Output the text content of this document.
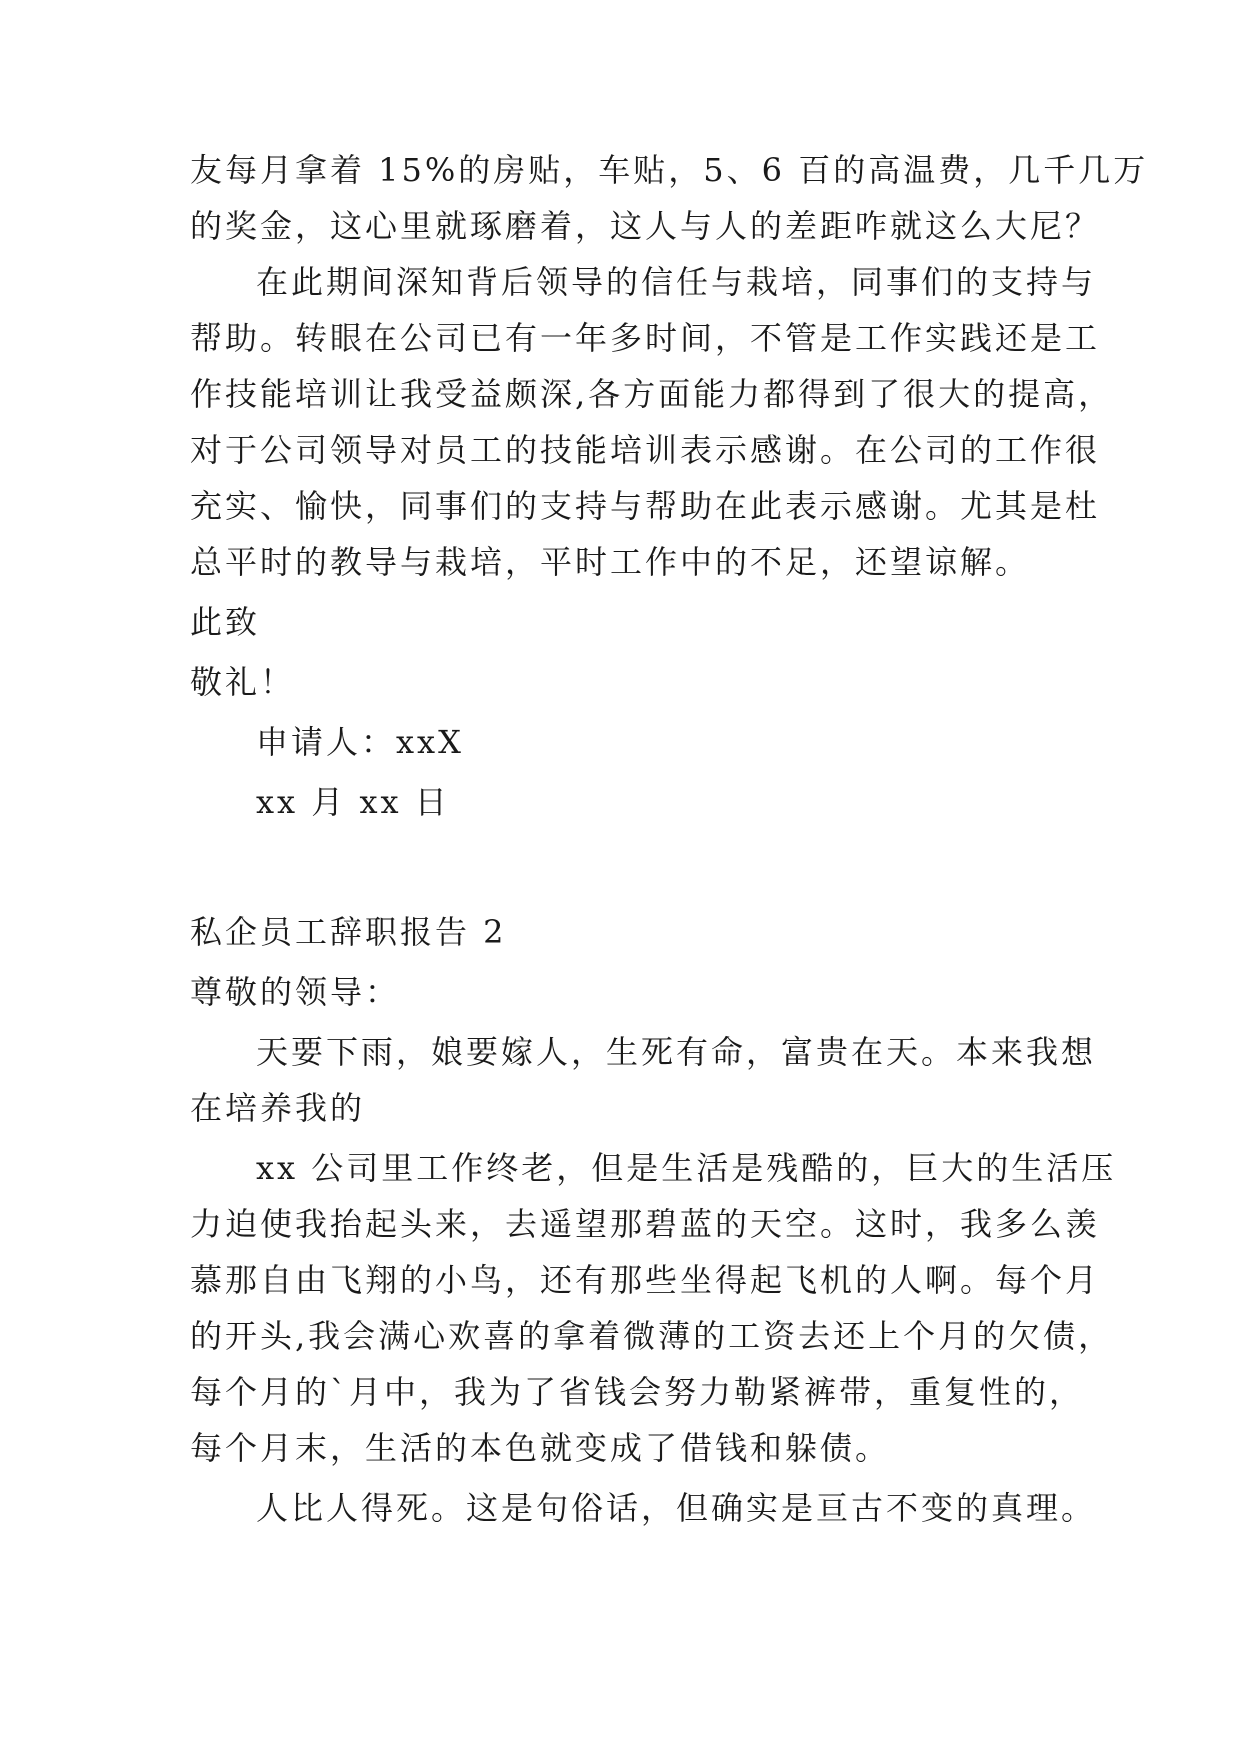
友每月拿着 15%的房贴，车贴，5、6 百的高温费，几千几万
的奖金，这心里就琢磨着，这人与人的差距咋就这么大尼？
在此期间深知背后领导的信任与栽培，同事们的支持与
帮助。转眼在公司已有一年多时间，不管是工作实践还是工
作技能培训让我受益颇深,各方面能力都得到了很大的提高，
对于公司领导对员工的技能培训表示感谢。在公司的工作很
充实、愉快，同事们的支持与帮助在此表示感谢。尤其是杜
总平时的教导与栽培，平时工作中的不足，还望谅解。
此致
敬礼！
申请人：xxX
xx 月 xx 日
私企员工辞职报告 2
尊敬的领导：
天要下雨，娘要嫁人，生死有命，富贵在天。本来我想
在培养我的
xx 公司里工作终老，但是生活是残酷的，巨大的生活压
力迫使我抬起头来，去遥望那碧蓝的天空。这时，我多么羡
慕那自由飞翔的小鸟，还有那些坐得起飞机的人啊。每个月
的开头,我会满心欢喜的拿着微薄的工资去还上个月的欠债，
每个月的`月中，我为了省钱会努力勒紧裤带，重复性的，
每个月末，生活的本色就变成了借钱和躲债。
人比人得死。这是句俗话，但确实是亘古不变的真理。
